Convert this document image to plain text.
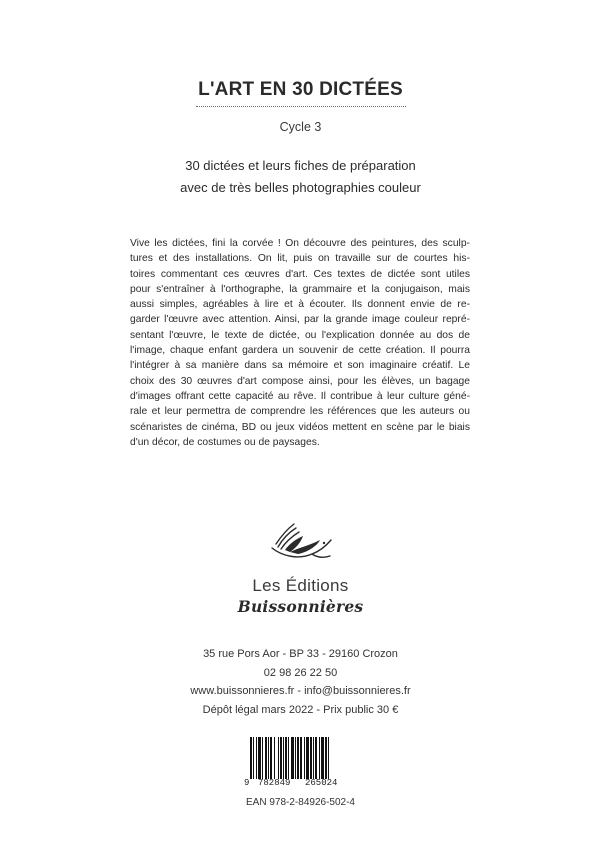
L'ART EN 30 DICTÉES
Cycle 3
30 dictées et leurs fiches de préparation
avec de très belles photographies couleur
Vive les dictées, fini la corvée ! On découvre des peintures, des sculp-
tures et des installations. On lit, puis on travaille sur de courtes his-
toires commentant ces œuvres d'art. Ces textes de dictée sont utiles
pour s'entraîner à l'orthographe, la grammaire et la conjugaison, mais
aussi simples, agréables à lire et à écouter. Ils donnent envie de re-
garder l'œuvre avec attention. Ainsi, par la grande image couleur repré-
sentant l'œuvre, le texte de dictée, ou l'explication donnée au dos de
l'image, chaque enfant gardera un souvenir de cette création. Il pourra
l'intégrer à sa manière dans sa mémoire et son imaginaire créatif. Le
choix des 30 œuvres d'art compose ainsi, pour les élèves, un bagage
d'images offrant cette capacité au rêve. Il contribue à leur culture géné-
rale et leur permettra de comprendre les références que les auteurs ou
scénaristes de cinéma, BD ou jeux vidéos mettent en scène par le biais
d'un décor, de costumes ou de paysages.
Les Éditions
Buissonnières
35 rue Pors Aor - BP 33 - 29160 Crozon
02 98 26 22 50
www.buissonnieres.fr - info@buissonnieres.fr
Dépôt légal mars 2022 - Prix public 30 €
9 782849 265024
EAN 978-2-84926-502-4
